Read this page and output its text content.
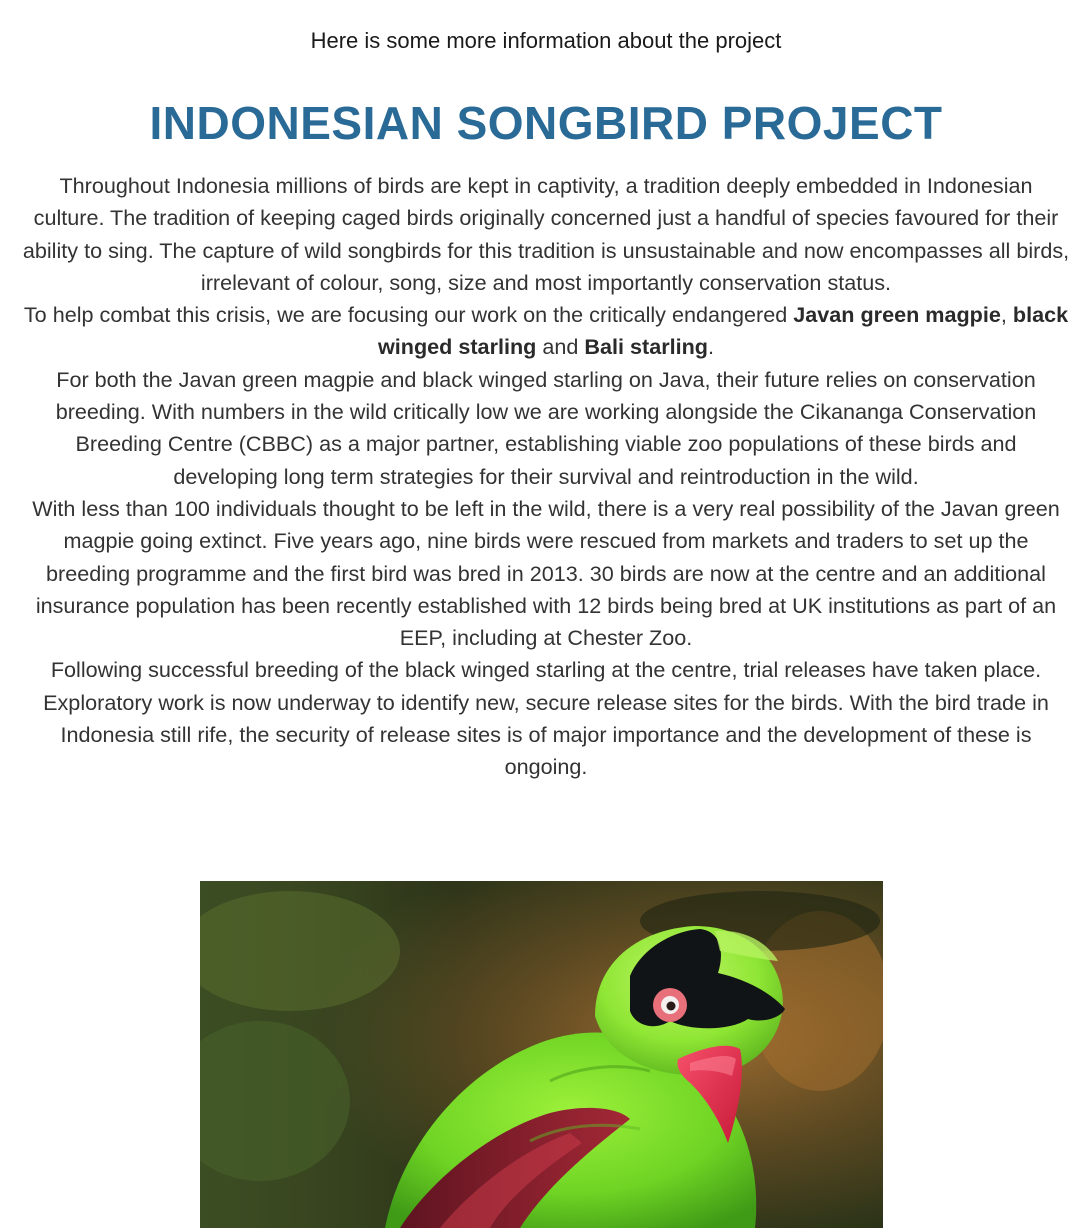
Here is some more information about the project
INDONESIAN SONGBIRD PROJECT

Throughout Indonesia millions of birds are kept in captivity, a tradition deeply embedded in Indonesian culture. The tradition of keeping caged birds originally concerned just a handful of species favoured for their ability to sing. The capture of wild songbirds for this tradition is unsustainable and now encompasses all birds, irrelevant of colour, song, size and most importantly conservation status.

To help combat this crisis, we are focusing our work on the critically endangered Javan green magpie, black winged starling and Bali starling.

For both the Javan green magpie and black winged starling on Java, their future relies on conservation breeding. With numbers in the wild critically low we are working alongside the Cikananga Conservation Breeding Centre (CBBC) as a major partner, establishing viable zoo populations of these birds and developing long term strategies for their survival and reintroduction in the wild.

With less than 100 individuals thought to be left in the wild, there is a very real possibility of the Javan green magpie going extinct. Five years ago, nine birds were rescued from markets and traders to set up the breeding programme and the first bird was bred in 2013. 30 birds are now at the centre and an additional insurance population has been recently established with 12 birds being bred at UK institutions as part of an EEP, including at Chester Zoo.

Following successful breeding of the black winged starling at the centre, trial releases have taken place. Exploratory work is now underway to identify new, secure release sites for the birds. With the bird trade in Indonesia still rife, the security of release sites is of major importance and the development of these is ongoing.
